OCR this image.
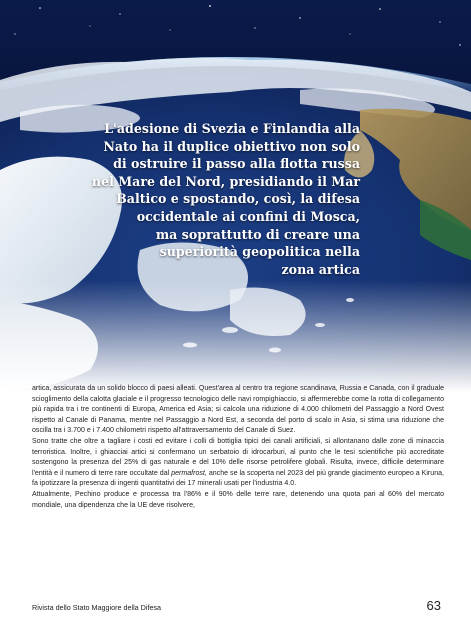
L'adesione di Svezia e Finlandia alla
Nato ha il duplice obiettivo non solo
di ostruire il passo alla flotta russa
nel Mare del Nord, presidiando il Mar
Baltico e spostando, così, la difesa
occidentale ai confini di Mosca,
ma soprattutto di creare una
superiorità geopolitica nella
zona artica

artica, assicurata da un solido blocco di paesi alleati. Quest'area al centro tra regione scandinava, Russia e Canada, con il graduale scioglimento della calotta glaciale e il progresso tecnologico delle navi rompighiaccio, si affermerebbe come la rotta di collegamento più rapida tra i tre continenti di Europa, America ed Asia; si calcola una riduzione di 4.000 chilometri del Passaggio a Nord Ovest rispetto al Canale di Panama, mentre nel Passaggio a Nord Est, a seconda del porto di scalo in Asia, si stima una riduzione che oscilla tra i 3.700 e i 7.400 chilometri rispetto all'attraversamento del Canale di Suez.

Sono tratte che oltre a tagliare i costi ed evitare i colli di bottiglia tipici dei canali artificiali, si allontanano dalle zone di minaccia terroristica. Inoltre, i ghiacciai artici si confermano un serbatoio di idrocarburi, al punto che le tesi scientifiche più accreditate sostengono la presenza del 25% di gas naturale e del 10% delle risorse petrolifere globali. Risulta, invece, difficile determinare l'entità e il numero di terre rare occultate dal permafrost, anche se la scoperta nel 2023 del più grande giacimento europeo a Kiruna, fa ipotizzare la presenza di ingenti quantitativi dei 17 minerali usati per l'industria 4.0.

Attualmente, Pechino produce e processa tra l'86% e il 90% delle terre rare, detenendo una quota pari al 60% del mercato mondiale, una dipendenza che la UE deve risolvere,

Rivista dello Stato Maggiore della Difesa	63
